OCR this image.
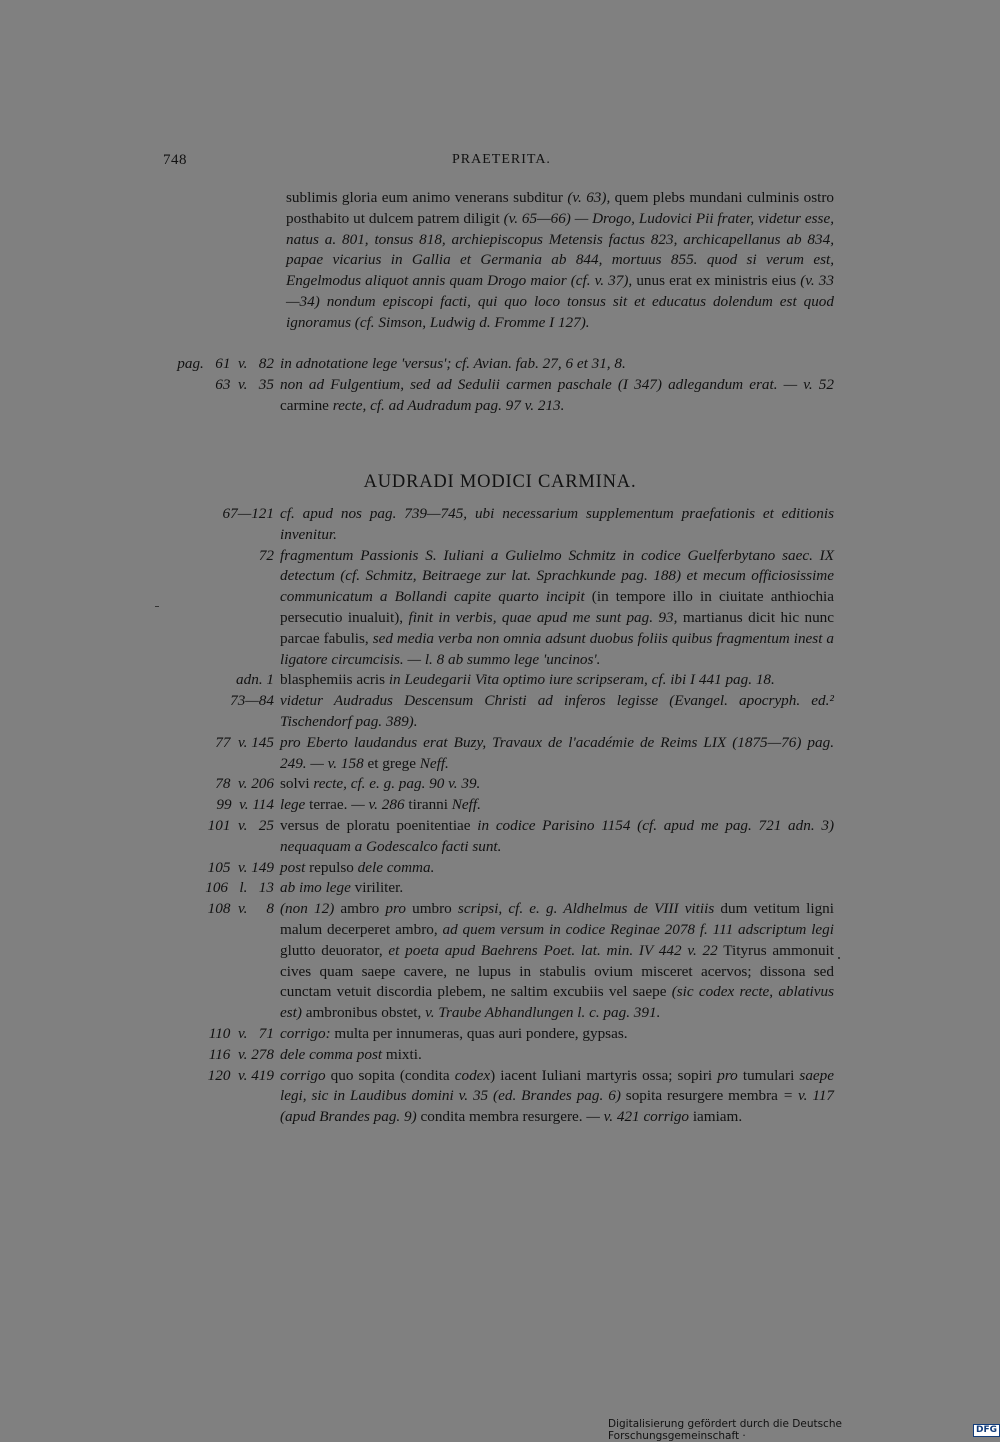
748	PRAETERITA.
sublimis gloria eum animo venerans subditur (v. 63), quem plebs mundani culminis ostro posthabito ut dulcem patrem diligit (v. 65—66) — Drogo, Ludovici Pii frater, videtur esse, natus a. 801, tonsus 818, archiepiscopus Metensis factus 823, archicapellanus ab 834, papae vicarius in Gallia et Germania ab 844, mortuus 855. quod si verum est, Engelmodus aliquot annis quam Drogo maior (cf. v. 37), unus erat ex ministris eius (v. 33 —34) nondum episcopi facti, qui quo loco tonsus sit et educatus dolendum est quod ignoramus (cf. Simson, Ludwig d. Fromme I 127).
pag.   61  v.   82 in adnotatione lege 'versus'; cf. Avian. fab. 27, 6 et 31, 8.
63  v.   35 non ad Fulgentium, sed ad Sedulii carmen paschale (I 347) adlegandum erat. — v. 52 carmine recte, cf. ad Audradum pag. 97 v. 213.
AUDRADI MODICI CARMINA.
67—121 cf. apud nos pag. 739—745, ubi necessarium supplementum praefationis et editionis invenitur.
72 fragmentum Passionis S. Iuliani a Gulielmo Schmitz in codice Guelferbytano saec. IX detectum (cf. Schmitz, Beitraege zur lat. Sprachkunde pag. 188) et mecum officiosissime communicatum a Bollandi capite quarto incipit (in tempore illo in ciuitate anthiochia persecutio inualuit), finit in verbis, quae apud me sunt pag. 93, martianus dicit hic nunc parcae fabulis, sed media verba non omnia adsunt duobus foliis quibus fragmentum inest a ligatore circumcisis. — l. 8 ab summo lege 'uncinos'.
adn. 1 blasphemiis acris in Leudegarii Vita optimo iure scripseram, cf. ibi I 441 pag. 18.
73—84 videtur Audradus Descensum Christi ad inferos legisse (Evangel. apocryph. ed.² Tischendorf pag. 389).
77  v. 145 pro Eberto laudandus erat Buzy, Travaux de l'académie de Reims LIX (1875—76) pag. 249. — v. 158 et grege Neff.
78  v. 206 solvi recte, cf. e. g. pag. 90 v. 39.
99  v. 114 lege terrae. — v. 286 tiranni Neff.
101  v.   25 versus de ploratu poenitentiae in codice Parisino 1154 (cf. apud me pag. 721 adn. 3) nequaquam a Godescalco facti sunt.
105  v. 149 post repulso dele comma.
106   l.   13 ab imo lege viriliter.
108  v.     8 (non 12) ambro pro umbro scripsi, cf. e. g. Aldhelmus de VIII vitiis dum vetitum ligni malum decerperet ambro, ad quem versum in codice Reginae 2078 f. 111 adscriptum legi glutto deuorator, et poeta apud Baehrens Poet. lat. min. IV 442 v. 22 Tityrus ammonuit cives quam saepe cavere, ne lupus in stabulis ovium misceret acervos; dissona sed cunctam vetuit discordia plebem, ne saltim excubiis vel saepe (sic codex recte, ablativus est) ambronibus obstet, v. Traube Abhandlungen l. c. pag. 391.
110  v.   71 corrigo: multa per innumeras, quas auri pondere, gypsas.
116  v. 278 dele comma post mixti.
120  v. 419 corrigo quo sopita (condita codex) iacent Iuliani martyris ossa; sopiri pro tumulari saepe legi, sic in Laudibus domini v. 35 (ed. Brandes pag. 6) sopita resurgere membra = v. 117 (apud Brandes pag. 9) condita membra resurgere. — v. 421 corrigo iamiam.
Digitalisierung gefördert durch die Deutsche Forschungsgemeinschaft ·
DFG
